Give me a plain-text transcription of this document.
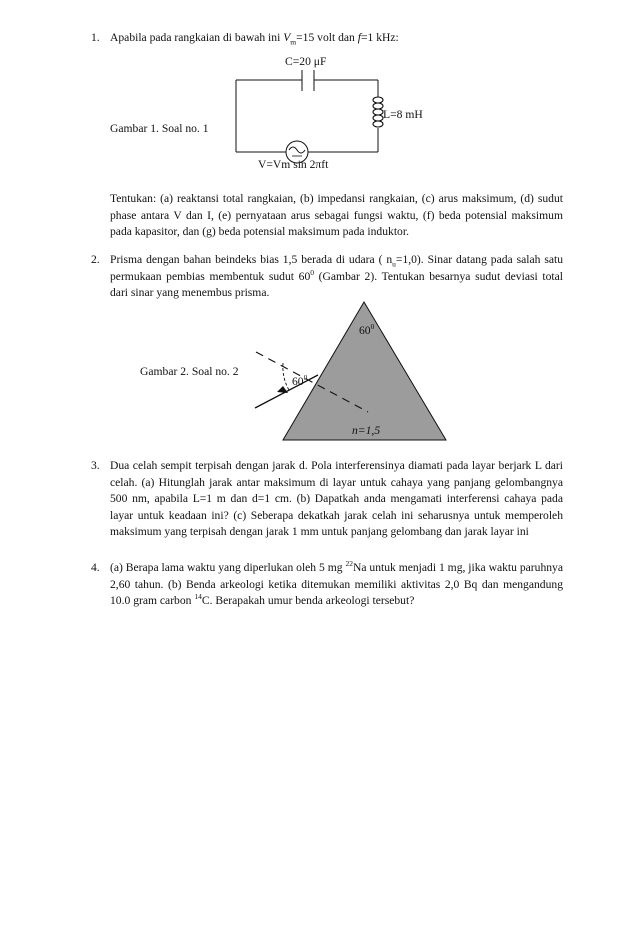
1. Apabila pada rangkaian di bawah ini $V_m=15$ volt dan f=1 kHz:
C=20 μF
L=8 mH
Gambar 1. Soal no. 1
V=Vm sin 2πft
Tentukan: (a) reaktansi total rangkaian, (b) impedansi rangkaian, (c) arus maksimum, (d) sudut phase antara V dan I, (e) pernyataan arus sebagai fungsi waktu, (f) beda potensial maksimum pada kapasitor, dan (g) beda potensial maksimum pada induktor.
2. Prisma dengan bahan beindeks bias 1,5 berada di udara ( $n_u=1,0$). Sinar datang pada salah satu permukaan pembias membentuk sudut $60^0$ (Gambar 2). Tentukan besarnya sudut deviasi total dari sinar yang menembus prisma.
$60^0$
Gambar 2. Soal no. 2
$60^0$
n=1,5
3. Dua celah sempit terpisah dengan jarak d. Pola interferensinya diamati pada layar berjark L dari celah. (a) Hitunglah jarak antar maksimum di layar untuk cahaya yang panjang gelombangnya 500 nm, apabila L=1 m dan d=1 cm. (b) Dapatkah anda mengamati interferensi cahaya pada layar untuk keadaan ini? (c) Seberapa dekatkah jarak celah ini seharusnya untuk memperoleh maksimum yang terpisah dengan jarak 1 mm untuk panjang gelombang dan jarak layar ini
4. (a) Berapa lama waktu yang diperlukan oleh 5 mg $^{22}$Na untuk menjadi 1 mg, jika waktu paruhnya 2,60 tahun. (b) Benda arkeologi ketika ditemukan memiliki aktivitas 2,0 Bq dan mengandung 10.0 gram carbon $^{14}$C. Berapakah umur benda arkeologi tersebut?
